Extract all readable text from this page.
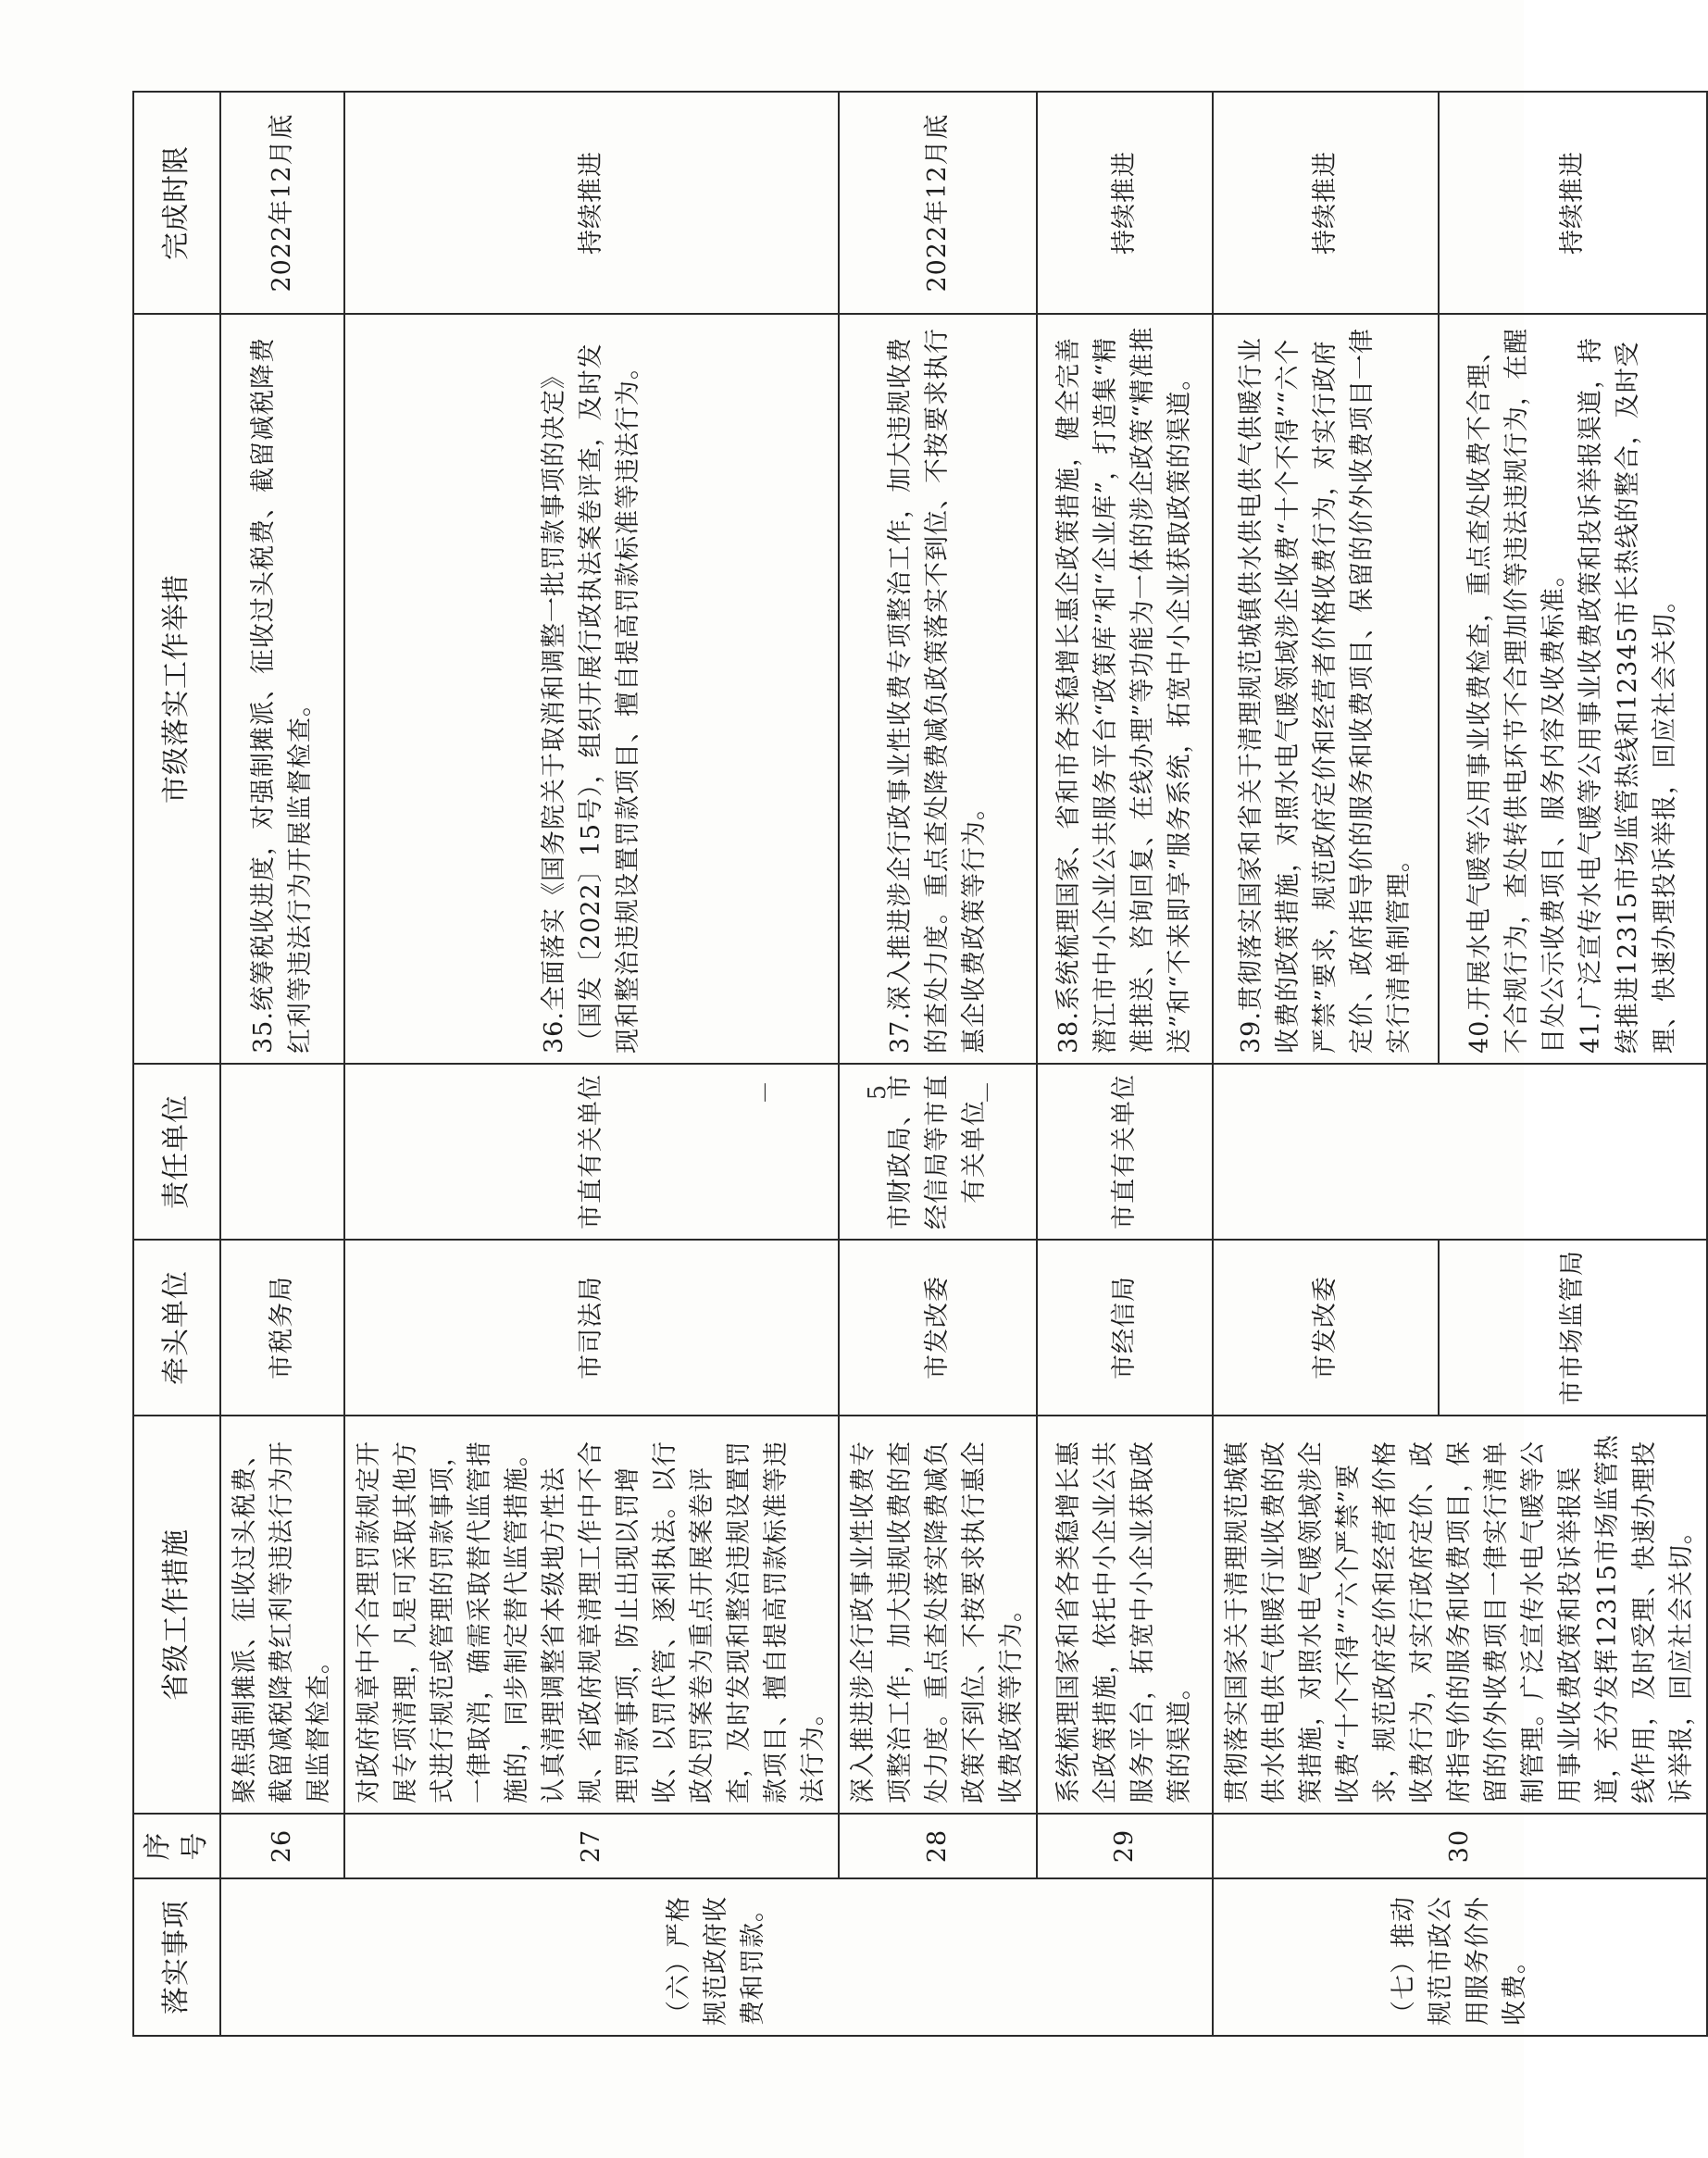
落实事项	序号	省级工作措施	牵头单位	责任单位	市级落实工作举措	完成时限
（六）严格规范政府收费和罚款。	26	聚焦强制摊派、征收过头税费、截留减税降费红利等违法行为开展监督检查。	市税务局		35.统筹税收进度，对强制摊派、征收过头税费、截留减税降费红利等违法行为开展监督检查。	2022年12月底
	27	对政府规章中不合理罚款规定开展专项清理，凡是可采取其他方式进行规范或管理的罚款事项，一律取消，确需采取替代监管措施的，同步制定替代监管措施。认真清理调整省本级地方性法规、省政府规章清理工作中不合理罚款事项，防止出现以罚增收、以罚代管、逐利执法。以行政处罚案卷为重点开展案卷评查，及时发现和整治违规设置罚款项目、擅自提高罚款标准等违法行为。	市司法局	市直有关单位	36.全面落实《国务院关于取消和调整一批罚款事项的决定》（国发〔2022〕15号），组织开展行政执法案卷评查，及时发现和整治违规设置罚款项目、擅自提高罚款标准等违法行为。	持续推进
	28	深入推进涉企行政事业性收费专项整治工作，加大违规收费的查处力度。重点查处落实降费减负政策不到位、不按要求执行惠企收费政策等行为。	市发改委	市财政局、市经信局等市直有关单位	37.深入推进涉企行政事业性收费专项整治工作，加大违规收费的查处力度。重点查处降费减负政策落实不到位、不按要求执行惠企收费政策等行为。	2022年12月底
	29	系统梳理国家和省各类稳增长惠企政策措施，依托中小企业公共服务平台，拓宽中小企业获取政策的渠道。	市经信局	市直有关单位	38.系统梳理国家、省和市各类稳增长惠企政策措施，健全完善潜江市中小企业公共服务平台“政策库”和“企业库”，打造集“精准推送、咨询回复、在线办理”等功能为一体的涉企政策“精准推送”和“不来即享”服务系统，拓宽中小企业获取政策的渠道。	持续推进
（七）推动规范市政公用服务价外收费。	30	贯彻落实国家关于清理规范城镇供水供电供气供暖行业收费的政策措施，对照水电气暖领域涉企收费“十个不得”“六个严禁”要求，规范政府定价和经营者价格收费行为，对实行政府定价、政府指导价的服务和收费项目，保留的价外收费项目一律实行清单制管理。广泛宣传水电气暖等公用事业收费政策和投诉举报渠道，充分发挥12315市场监管热线作用，及时受理、快速办理投诉举报，回应社会关切。	市发改委		39.贯彻落实国家和省关于清理规范城镇供水供电供气供暖行业收费的政策措施，对照水电气暖领域涉企收费“十个不得”“六个严禁”要求，规范政府定价和经营者价格收费行为，对实行政府定价、政府指导价的服务和收费项目、保留的价外收费项目一律实行清单制管理。	持续推进
			市市场监管局		40.开展水电气暖等公用事业收费检查，重点查处收费不合理、不合规行为，查处转供电环节不合理加价等违法违规行为，在醒目处公示收费项目、服务内容及收费标准。 41.广泛宣传水电气暖等公用事业收费政策和投诉举报渠道，持续推进12315市场监管热线和12345市长热线的整合，及时受理、快速办理投诉举报，回应社会关切。	持续推进
－ 5 －
